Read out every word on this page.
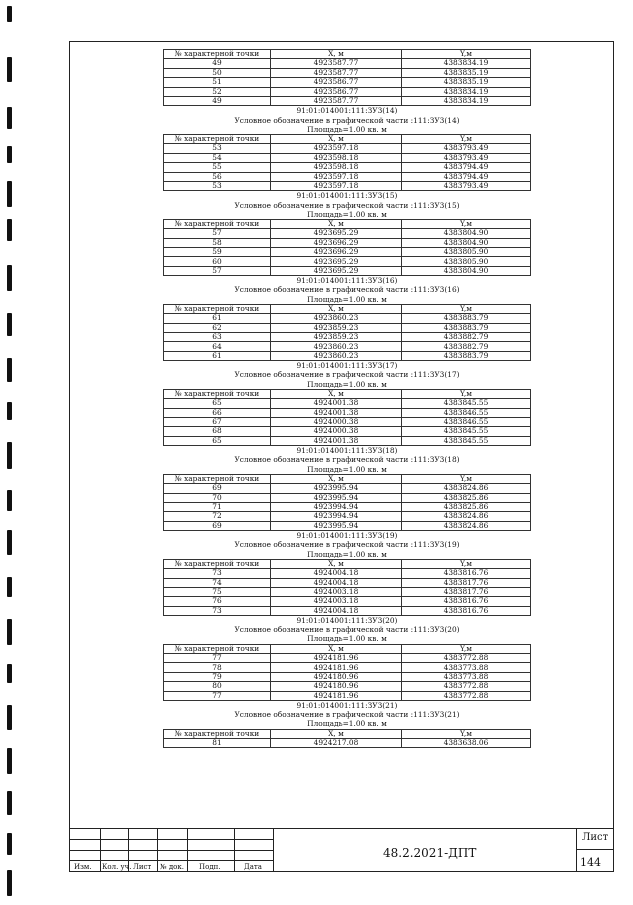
№ характерной точки	X, м	Y,м
49	4923587.77	4383834.19
50	4923587.77	4383835.19
51	4923586.77	4383835.19
52	4923586.77	4383834.19
49	4923587.77	4383834.19
91:01:014001:111:ЗУ3(14)
Условное обозначение в графической части :111:ЗУ3(14)
Площадь=1.00 кв. м
№ характерной точки	X, м	Y,м
53	4923597.18	4383793.49
54	4923598.18	4383793.49
55	4923598.18	4383794.49
56	4923597.18	4383794.49
53	4923597.18	4383793.49
91:01:014001:111:ЗУ3(15)
Условное обозначение в графической части :111:ЗУ3(15)
Площадь=1.00 кв. м
№ характерной точки	X, м	Y,м
57	4923695.29	4383804.90
58	4923696.29	4383804.90
59	4923696.29	4383805.90
60	4923695.29	4383805.90
57	4923695.29	4383804.90
91:01:014001:111:ЗУ3(16)
Условное обозначение в графической части :111:ЗУ3(16)
Площадь=1.00 кв. м
№ характерной точки	X, м	Y,м
61	4923860.23	4383883.79
62	4923859.23	4383883.79
63	4923859.23	4383882.79
64	4923860.23	4383882.79
61	4923860.23	4383883.79
91:01:014001:111:ЗУ3(17)
Условное обозначение в графической части :111:ЗУ3(17)
Площадь=1.00 кв. м
№ характерной точки	X, м	Y,м
65	4924001.38	4383845.55
66	4924001.38	4383846.55
67	4924000.38	4383846.55
68	4924000.38	4383845.55
65	4924001.38	4383845.55
91:01:014001:111:ЗУ3(18)
Условное обозначение в графической части :111:ЗУ3(18)
Площадь=1.00 кв. м
№ характерной точки	X, м	Y,м
69	4923995.94	4383824.86
70	4923995.94	4383825.86
71	4923994.94	4383825.86
72	4923994.94	4383824.86
69	4923995.94	4383824.86
91:01:014001:111:ЗУ3(19)
Условное обозначение в графической части :111:ЗУ3(19)
Площадь=1.00 кв. м
№ характерной точки	X, м	Y,м
73	4924004.18	4383816.76
74	4924004.18	4383817.76
75	4924003.18	4383817.76
76	4924003.18	4383816.76
73	4924004.18	4383816.76
91:01:014001:111:ЗУ3(20)
Условное обозначение в графической части :111:ЗУ3(20)
Площадь=1.00 кв. м
№ характерной точки	X, м	Y,м
77	4924181.96	4383772.88
78	4924181.96	4383773.88
79	4924180.96	4383773.88
80	4924180.96	4383772.88
77	4924181.96	4383772.88
91:01:014001:111:ЗУ3(21)
Условное обозначение в графической части :111:ЗУ3(21)
Площадь=1.00 кв. м
№ характерной точки	X, м	Y,м
81	4924217.08	4383638.06
Изм. Кол. уч. Лист № док. Подп.	Дата
48.2.2021-ДПТ
Лист
144
